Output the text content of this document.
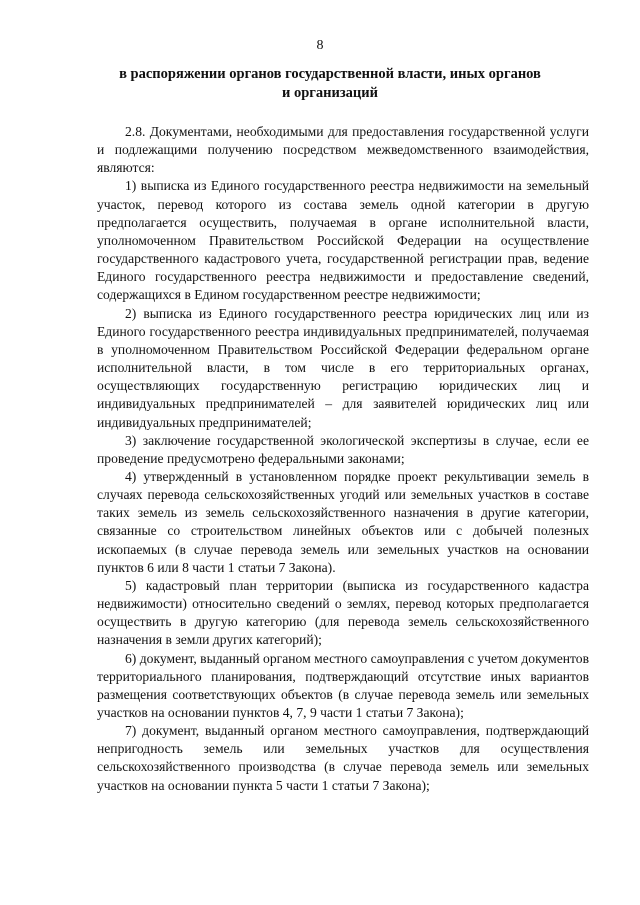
8
в распоряжении органов государственной власти, иных органов
и организаций

2.8. Документами, необходимыми для предоставления государственной услуги и подлежащими получению посредством межведомственного взаимодействия, являются:

1) выписка из Единого государственного реестра недвижимости на земельный участок, перевод которого из состава земель одной категории в другую предполагается осуществить, получаемая в органе исполнительной власти, уполномоченном Правительством Российской Федерации на осуществление государственного кадастрового учета, государственной регистрации прав, ведение Единого государственного реестра недвижимости и предоставление сведений, содержащихся в Едином государственном реестре недвижимости;

2) выписка из Единого государственного реестра юридических лиц или из Единого государственного реестра индивидуальных предпринимателей, получаемая в уполномоченном Правительством Российской Федерации федеральном органе исполнительной власти, в том числе в его территориальных органах, осуществляющих государственную регистрацию юридических лиц и индивидуальных предпринимателей – для заявителей юридических лиц или индивидуальных предпринимателей;

3) заключение государственной экологической экспертизы в случае, если ее проведение предусмотрено федеральными законами;

4) утвержденный в установленном порядке проект рекультивации земель в случаях перевода сельскохозяйственных угодий или земельных участков в составе таких земель из земель сельскохозяйственного назначения в другие категории, связанные со строительством линейных объектов или с добычей полезных ископаемых (в случае перевода земель или земельных участков на основании пунктов 6 или 8 части 1 статьи 7 Закона).

5) кадастровый план территории (выписка из государственного кадастра недвижимости) относительно сведений о землях, перевод которых предполагается осуществить в другую категорию (для перевода земель сельскохозяйственного назначения в земли других категорий);

6) документ, выданный органом местного самоуправления с учетом документов территориального планирования, подтверждающий отсутствие иных вариантов размещения соответствующих объектов (в случае перевода земель или земельных участков на основании пунктов 4, 7, 9 части 1 статьи 7 Закона);

7) документ, выданный органом местного самоуправления, подтверждающий непригодность земель или земельных участков для осуществления сельскохозяйственного производства (в случае перевода земель или земельных участков на основании пункта 5 части 1 статьи 7 Закона);
